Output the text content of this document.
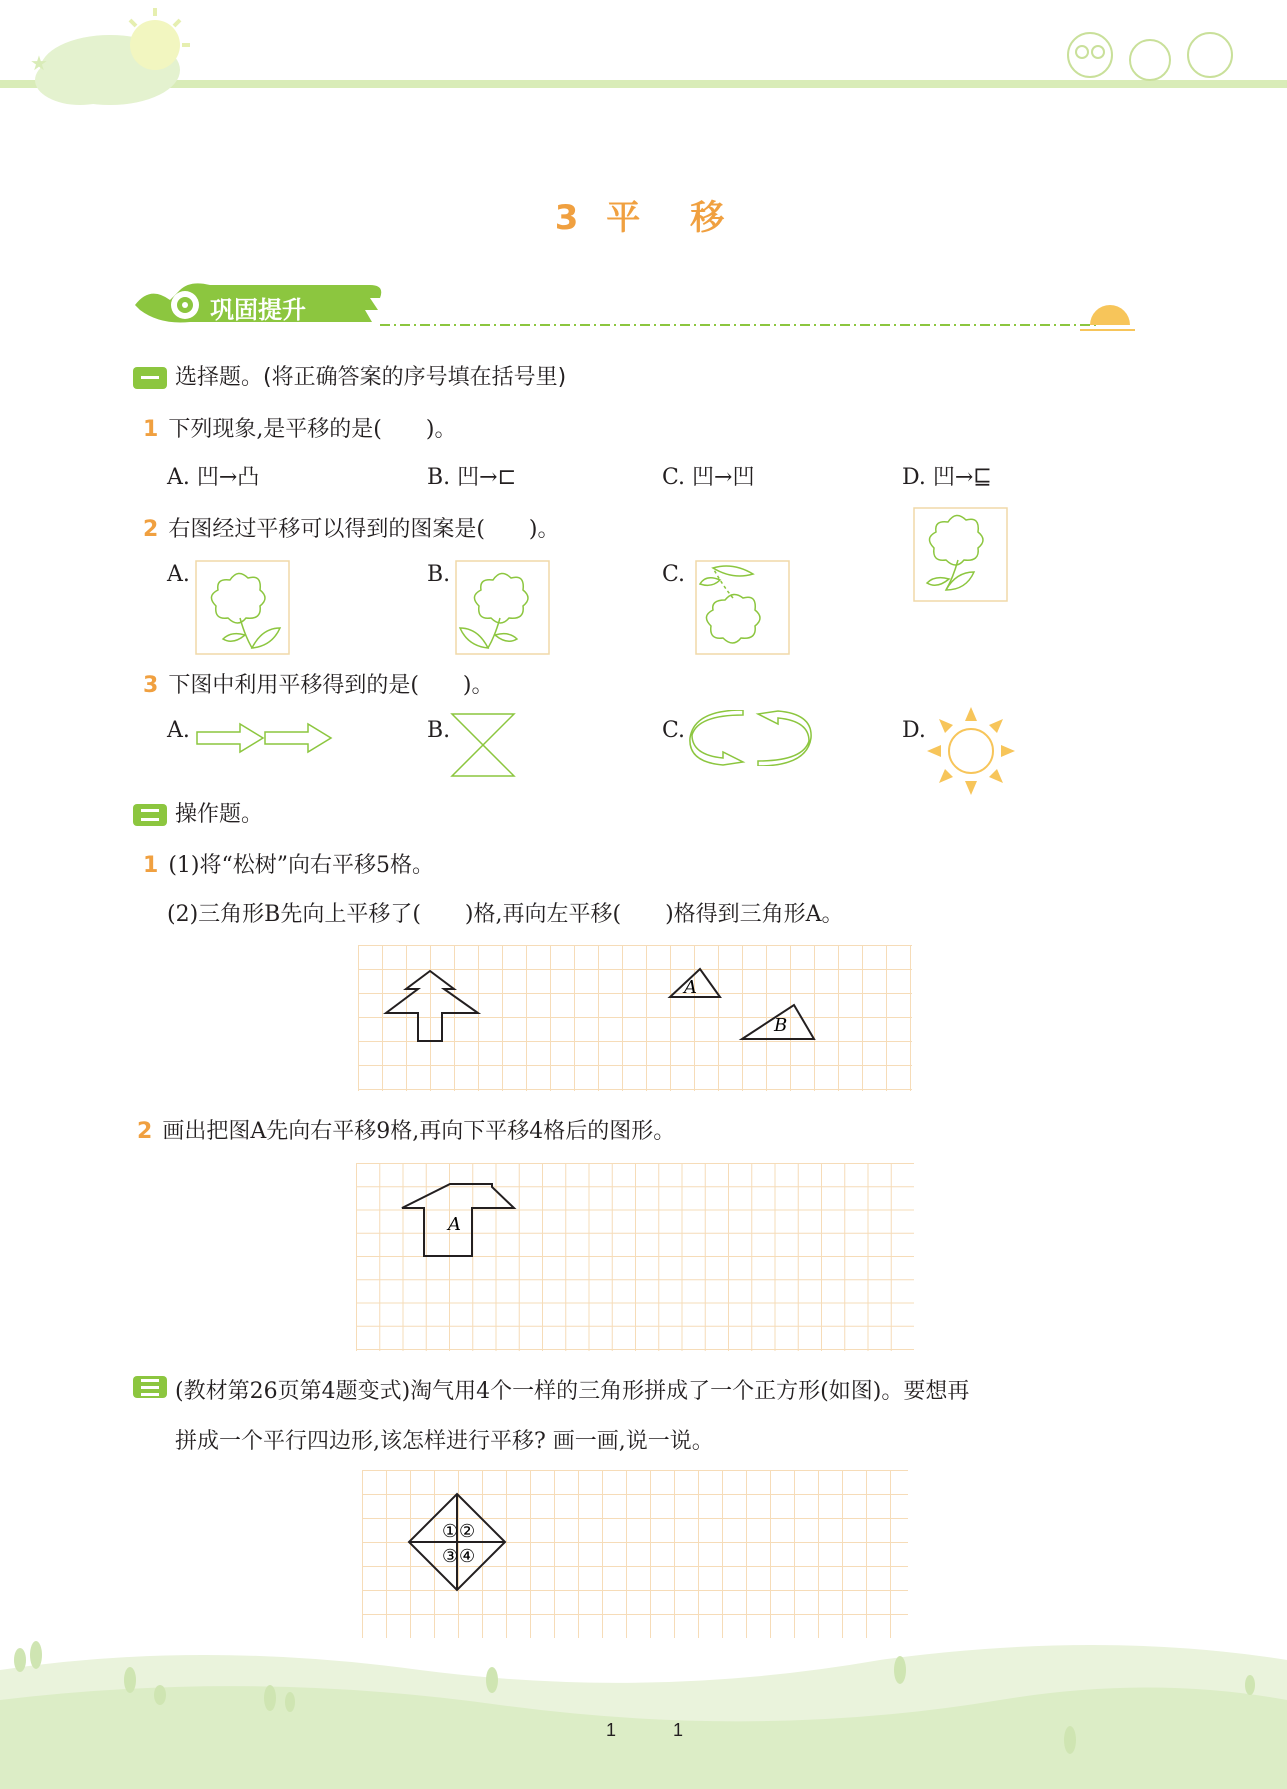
★
3 平　移
巩固提升
选择题。(将正确答案的序号填在括号里)
1 下列现象,是平移的是(　　)。
A. 凹→凸	B. 凹→⊏	C. 凹→凹	D. 凹→⊑
2 右图经过平移可以得到的图案是(　　)。
A.	B.	C.
3 下图中利用平移得到的是(　　)。
A.	B.	C.	D.
操作题。
1 (1)将“松树”向右平移5格。
(2)三角形B先向上平移了(　　)格,再向左平移(　　)格得到三角形A。
A
B
2 画出把图A先向右平移9格,再向下平移4格后的图形。
A
(教材第26页第4题变式)淘气用4个一样的三角形拼成了一个正方形(如图)。要想再
拼成一个平行四边形,该怎样进行平移? 画一画,说一说。
① ②
③ ④
1	1
